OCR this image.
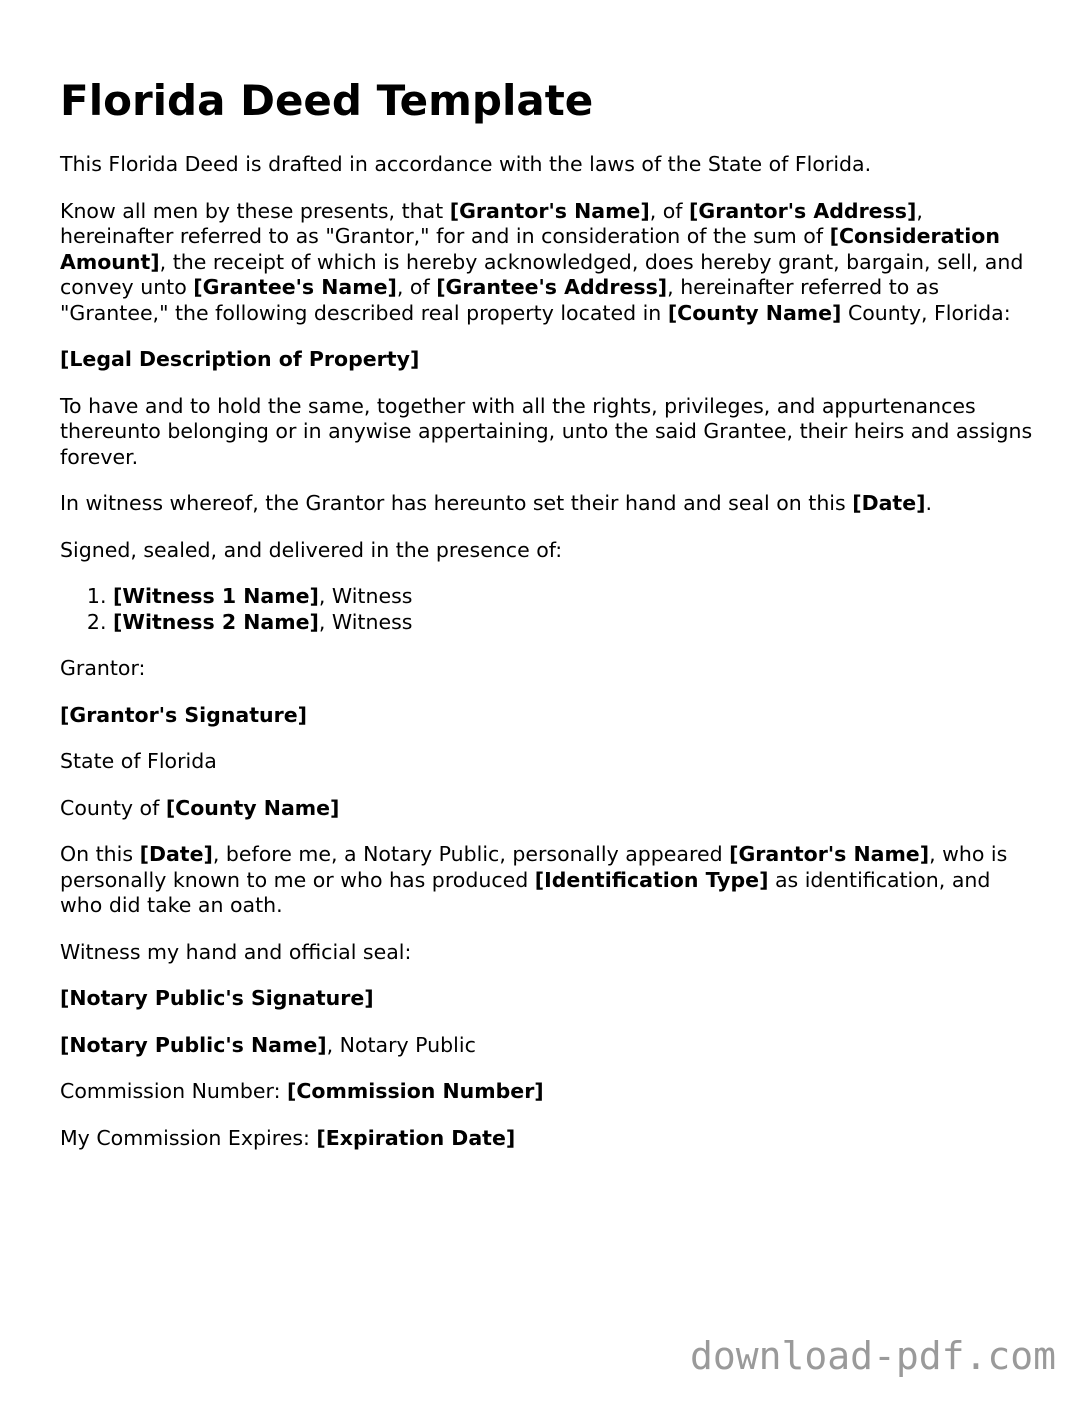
Florida Deed Template

This Florida Deed is drafted in accordance with the laws of the State of Florida.

Know all men by these presents, that [Grantor's Name], of [Grantor's Address], hereinafter referred to as "Grantor," for and in consideration of the sum of [Consideration Amount], the receipt of which is hereby acknowledged, does hereby grant, bargain, sell, and convey unto [Grantee's Name], of [Grantee's Address], hereinafter referred to as "Grantee," the following described real property located in [County Name] County, Florida:

[Legal Description of Property]

To have and to hold the same, together with all the rights, privileges, and appurtenances thereunto belonging or in anywise appertaining, unto the said Grantee, their heirs and assigns forever.

In witness whereof, the Grantor has hereunto set their hand and seal on this [Date].

Signed, sealed, and delivered in the presence of:

1. [Witness 1 Name], Witness
2. [Witness 2 Name], Witness

Grantor:

[Grantor's Signature]

State of Florida

County of [County Name]

On this [Date], before me, a Notary Public, personally appeared [Grantor's Name], who is personally known to me or who has produced [Identification Type] as identification, and who did take an oath.

Witness my hand and official seal:

[Notary Public's Signature]

[Notary Public's Name], Notary Public

Commission Number: [Commission Number]

My Commission Expires: [Expiration Date]

download-pdf.com
